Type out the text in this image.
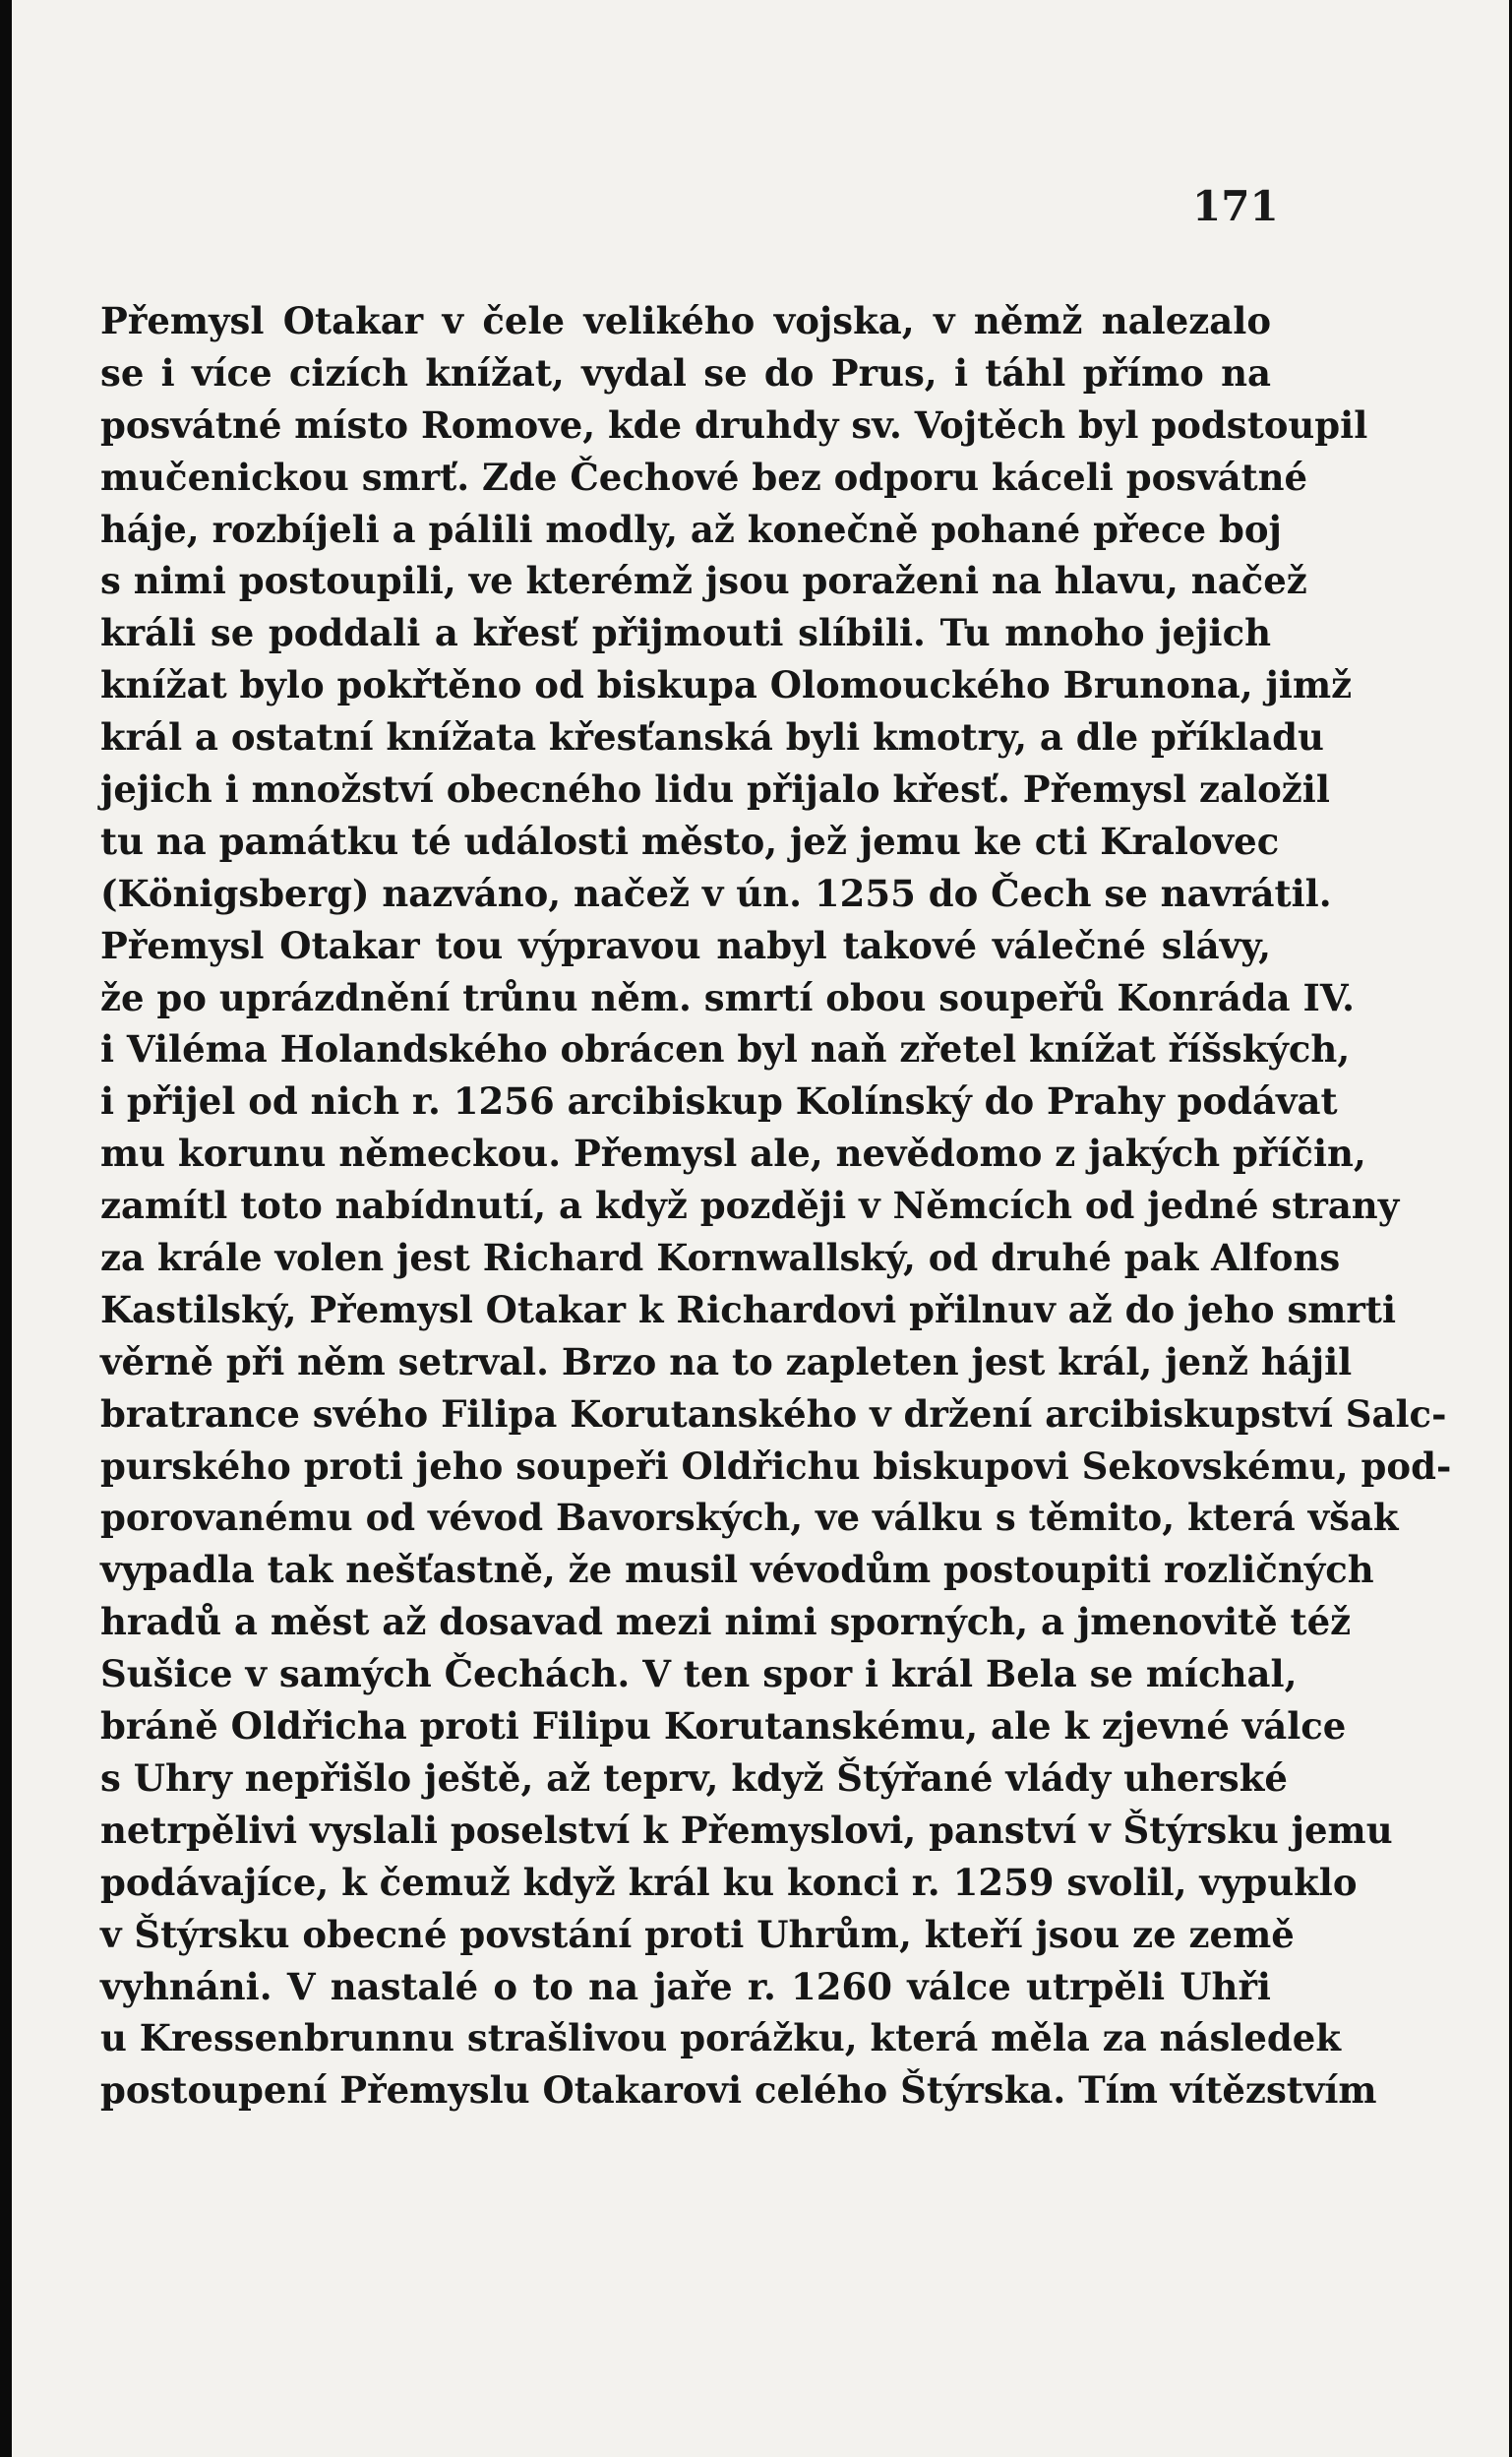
171
Přemysl Otakar v čele velikého vojska, v němž nalezalo
se i více cizích knížat, vydal se do Prus, i táhl přímo na
posvátné místo Romove, kde druhdy sv. Vojtěch byl podstoupil
mučenickou smrť. Zde Čechové bez odporu káceli posvátné
háje, rozbíjeli a pálili modly, až konečně pohané přece boj
s nimi postoupili, ve kterémž jsou poraženi na hlavu, načež
králi se poddali a křesť přijmouti slíbili. Tu mnoho jejich
knížat bylo pokřtěno od biskupa Olomouckého Brunona, jimž
král a ostatní knížata křesťanská byli kmotry, a dle příkladu
jejich i množství obecného lidu přijalo křesť. Přemysl založil
tu na památku té události město, jež jemu ke cti Kralovec
(Königsberg) nazváno, načež v ún. 1255 do Čech se navrátil.
Přemysl Otakar tou výpravou nabyl takové válečné slávy,
že po uprázdnění trůnu něm. smrtí obou soupeřů Konráda IV.
i Viléma Holandského obrácen byl naň zřetel knížat říšských,
i přijel od nich r. 1256 arcibiskup Kolínský do Prahy podávat
mu korunu německou. Přemysl ale, nevědomo z jakých příčin,
zamítl toto nabídnutí, a když později v Němcích od jedné strany
za krále volen jest Richard Kornwallský, od druhé pak Alfons
Kastilský, Přemysl Otakar k Richardovi přilnuv až do jeho smrti
věrně při něm setrval. Brzo na to zapleten jest král, jenž hájil
bratrance svého Filipa Korutanského v držení arcibiskupství Salc-
purského proti jeho soupeři Oldřichu biskupovi Sekovskému, pod-
porovanému od vévod Bavorských, ve válku s těmito, která však
vypadla tak nešťastně, že musil vévodům postoupiti rozličných
hradů a měst až dosavad mezi nimi sporných, a jmenovitě též
Sušice v samých Čechách. V ten spor i král Bela se míchal,
bráně Oldřicha proti Filipu Korutanskému, ale k zjevné válce
s Uhry nepřišlo ještě, až teprv, když Štýřané vlády uherské
netrpělivi vyslali poselství k Přemyslovi, panství v Štýrsku jemu
podávajíce, k čemuž když král ku konci r. 1259 svolil, vypuklo
v Štýrsku obecné povstání proti Uhrům, kteří jsou ze země
vyhnáni. V nastalé o to na jaře r. 1260 válce utrpěli Uhři
u Kressenbrunnu strašlivou porážku, která měla za následek
postoupení Přemyslu Otakarovi celého Štýrska. Tím vítězstvím
